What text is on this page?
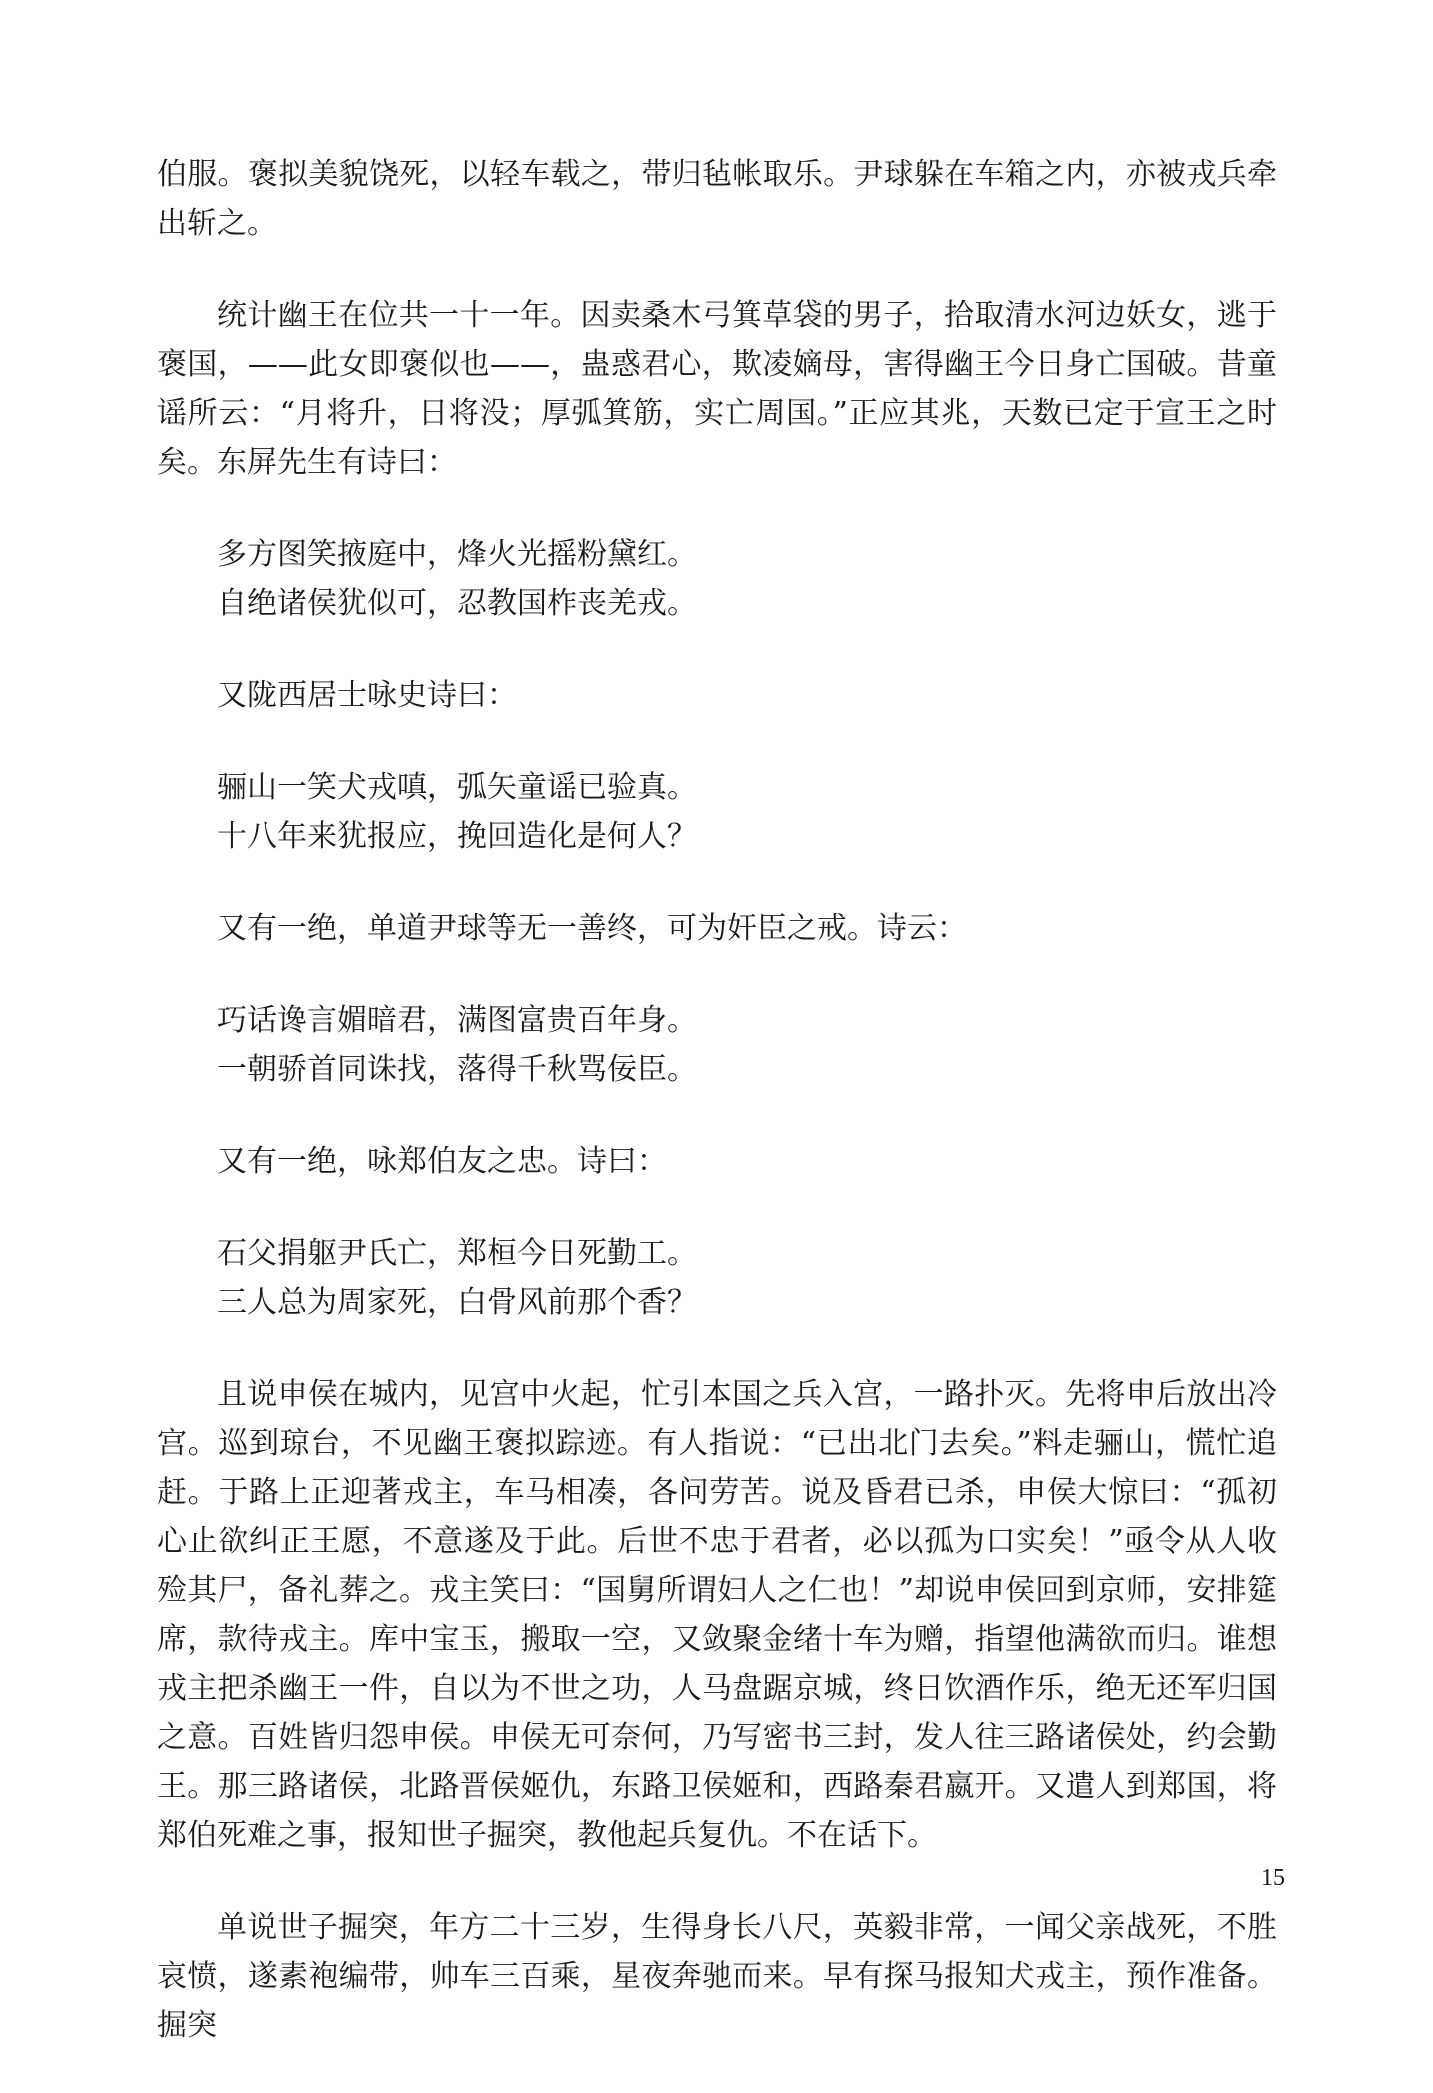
伯服。褒拟美貌饶死，以轻车载之，带归毡帐取乐。尹球躲在车箱之内，亦被戎兵牵出斩之。

统计幽王在位共一十一年。因卖桑木弓箕草袋的男子，拾取清水河边妖女，逃于褒国，——此女即褒似也——，蛊惑君心，欺凌嫡母，害得幽王今日身亡国破。昔童谣所云：“月将升，日将没；厚弧箕筋，实亡周国。”正应其兆，天数已定于宣王之时矣。东屏先生有诗曰：

多方图笑掖庭中，烽火光摇粉黛红。
自绝诸侯犹似可，忍教国柞丧羌戎。

又陇西居士咏史诗曰：

骊山一笑犬戎嗔，弧矢童谣已验真。
十八年来犹报应，挽回造化是何人？

又有一绝，单道尹球等无一善终，可为奸臣之戒。诗云：

巧话谗言媚暗君，满图富贵百年身。
一朝骄首同诛找，落得千秋骂佞臣。

又有一绝，咏郑伯友之忠。诗曰：

石父捐躯尹氏亡，郑桓今日死勤工。
三人总为周家死，白骨风前那个香？

且说申侯在城内，见宫中火起，忙引本国之兵入宫，一路扑灭。先将申后放出冷宫。巡到琼台，不见幽王褒拟踪迹。有人指说：“已出北门去矣。”料走骊山，慌忙追赶。于路上正迎著戎主，车马相凑，各问劳苦。说及昏君已杀，申侯大惊曰：“孤初心止欲纠正王愿，不意遂及于此。后世不忠于君者，必以孤为口实矣！”亟令从人收殓其尸，备礼葬之。戎主笑曰：“国舅所谓妇人之仁也！”却说申侯回到京师，安排筵席，款待戎主。库中宝玉，搬取一空，又敛聚金绪十车为赠，指望他满欲而归。谁想戎主把杀幽王一件，自以为不世之功，人马盘踞京城，终日饮酒作乐，绝无还军归国之意。百姓皆归怨申侯。申侯无可奈何，乃写密书三封，发人往三路诸侯处，约会勤王。那三路诸侯，北路晋侯姬仇，东路卫侯姬和，西路秦君嬴开。又遣人到郑国，将郑伯死难之事，报知世子掘突，教他起兵复仇。不在话下。

单说世子掘突，年方二十三岁，生得身长八尺，英毅非常，一闻父亲战死，不胜哀愤，遂素袍编带，帅车三百乘，星夜奔驰而来。早有探马报知犬戎主，预作准备。掘突

15
